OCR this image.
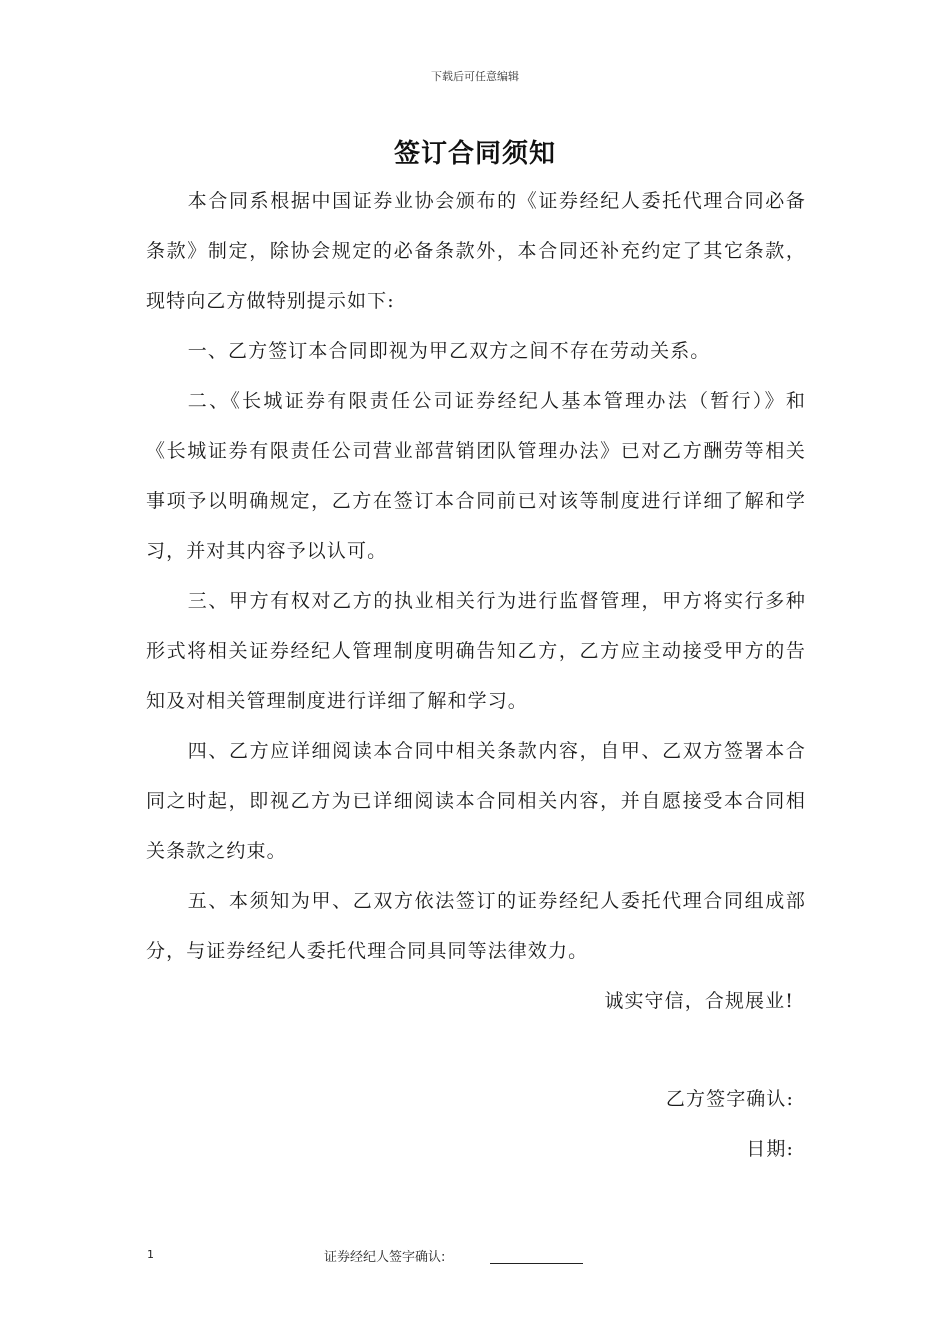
下载后可任意编辑
签订合同须知

本合同系根据中国证券业协会颁布的《证券经纪人委托代理合同必备条款》制定，除协会规定的必备条款外，本合同还补充约定了其它条款，现特向乙方做特别提示如下:

一、乙方签订本合同即视为甲乙双方之间不存在劳动关系。

二、《长城证券有限责任公司证券经纪人基本管理办法（暂行）》和《长城证券有限责任公司营业部营销团队管理办法》已对乙方酬劳等相关事项予以明确规定，乙方在签订本合同前已对该等制度进行详细了解和学习，并对其内容予以认可。

三、甲方有权对乙方的执业相关行为进行监督管理，甲方将实行多种形式将相关证券经纪人管理制度明确告知乙方，乙方应主动接受甲方的告知及对相关管理制度进行详细了解和学习。

四、乙方应详细阅读本合同中相关条款内容，自甲、乙双方签署本合同之时起，即视乙方为已详细阅读本合同相关内容，并自愿接受本合同相关条款之约束。

五、本须知为甲、乙双方依法签订的证券经纪人委托代理合同组成部分，与证券经纪人委托代理合同具同等法律效力。

诚实守信，合规展业!
乙方签字确认:
日期:
1	证券经纪人签字确认:
